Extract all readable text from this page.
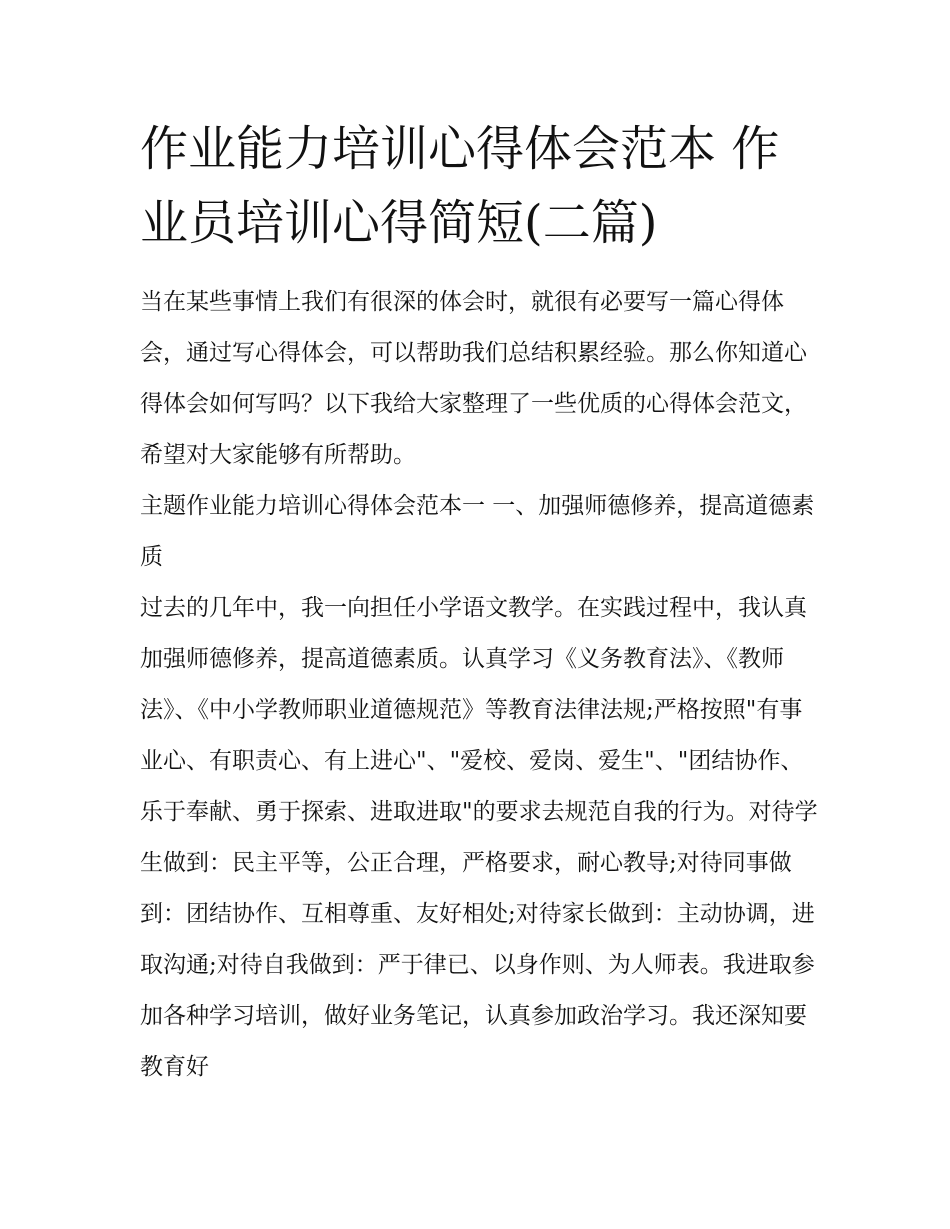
作业能力培训心得体会范本 作业员培训心得简短(二篇)

当在某些事情上我们有很深的体会时，就很有必要写一篇心得体会，通过写心得体会，可以帮助我们总结积累经验。那么你知道心得体会如何写吗？以下我给大家整理了一些优质的心得体会范文，希望对大家能够有所帮助。

主题作业能力培训心得体会范本一 一、加强师德修养，提高道德素质

过去的几年中，我一向担任小学语文教学。在实践过程中，我认真加强师德修养，提高道德素质。认真学习《义务教育法》、《教师法》、《中小学教师职业道德规范》等教育法律法规;严格按照"有事业心、有职责心、有上进心"、"爱校、爱岗、爱生"、"团结协作、乐于奉献、勇于探索、进取进取"的要求去规范自我的行为。对待学生做到：民主平等，公正合理，严格要求，耐心教导;对待同事做到：团结协作、互相尊重、友好相处;对待家长做到：主动协调，进取沟通;对待自我做到：严于律已、以身作则、为人师表。我进取参加各种学习培训，做好业务笔记，认真参加政治学习。我还深知要教育好
